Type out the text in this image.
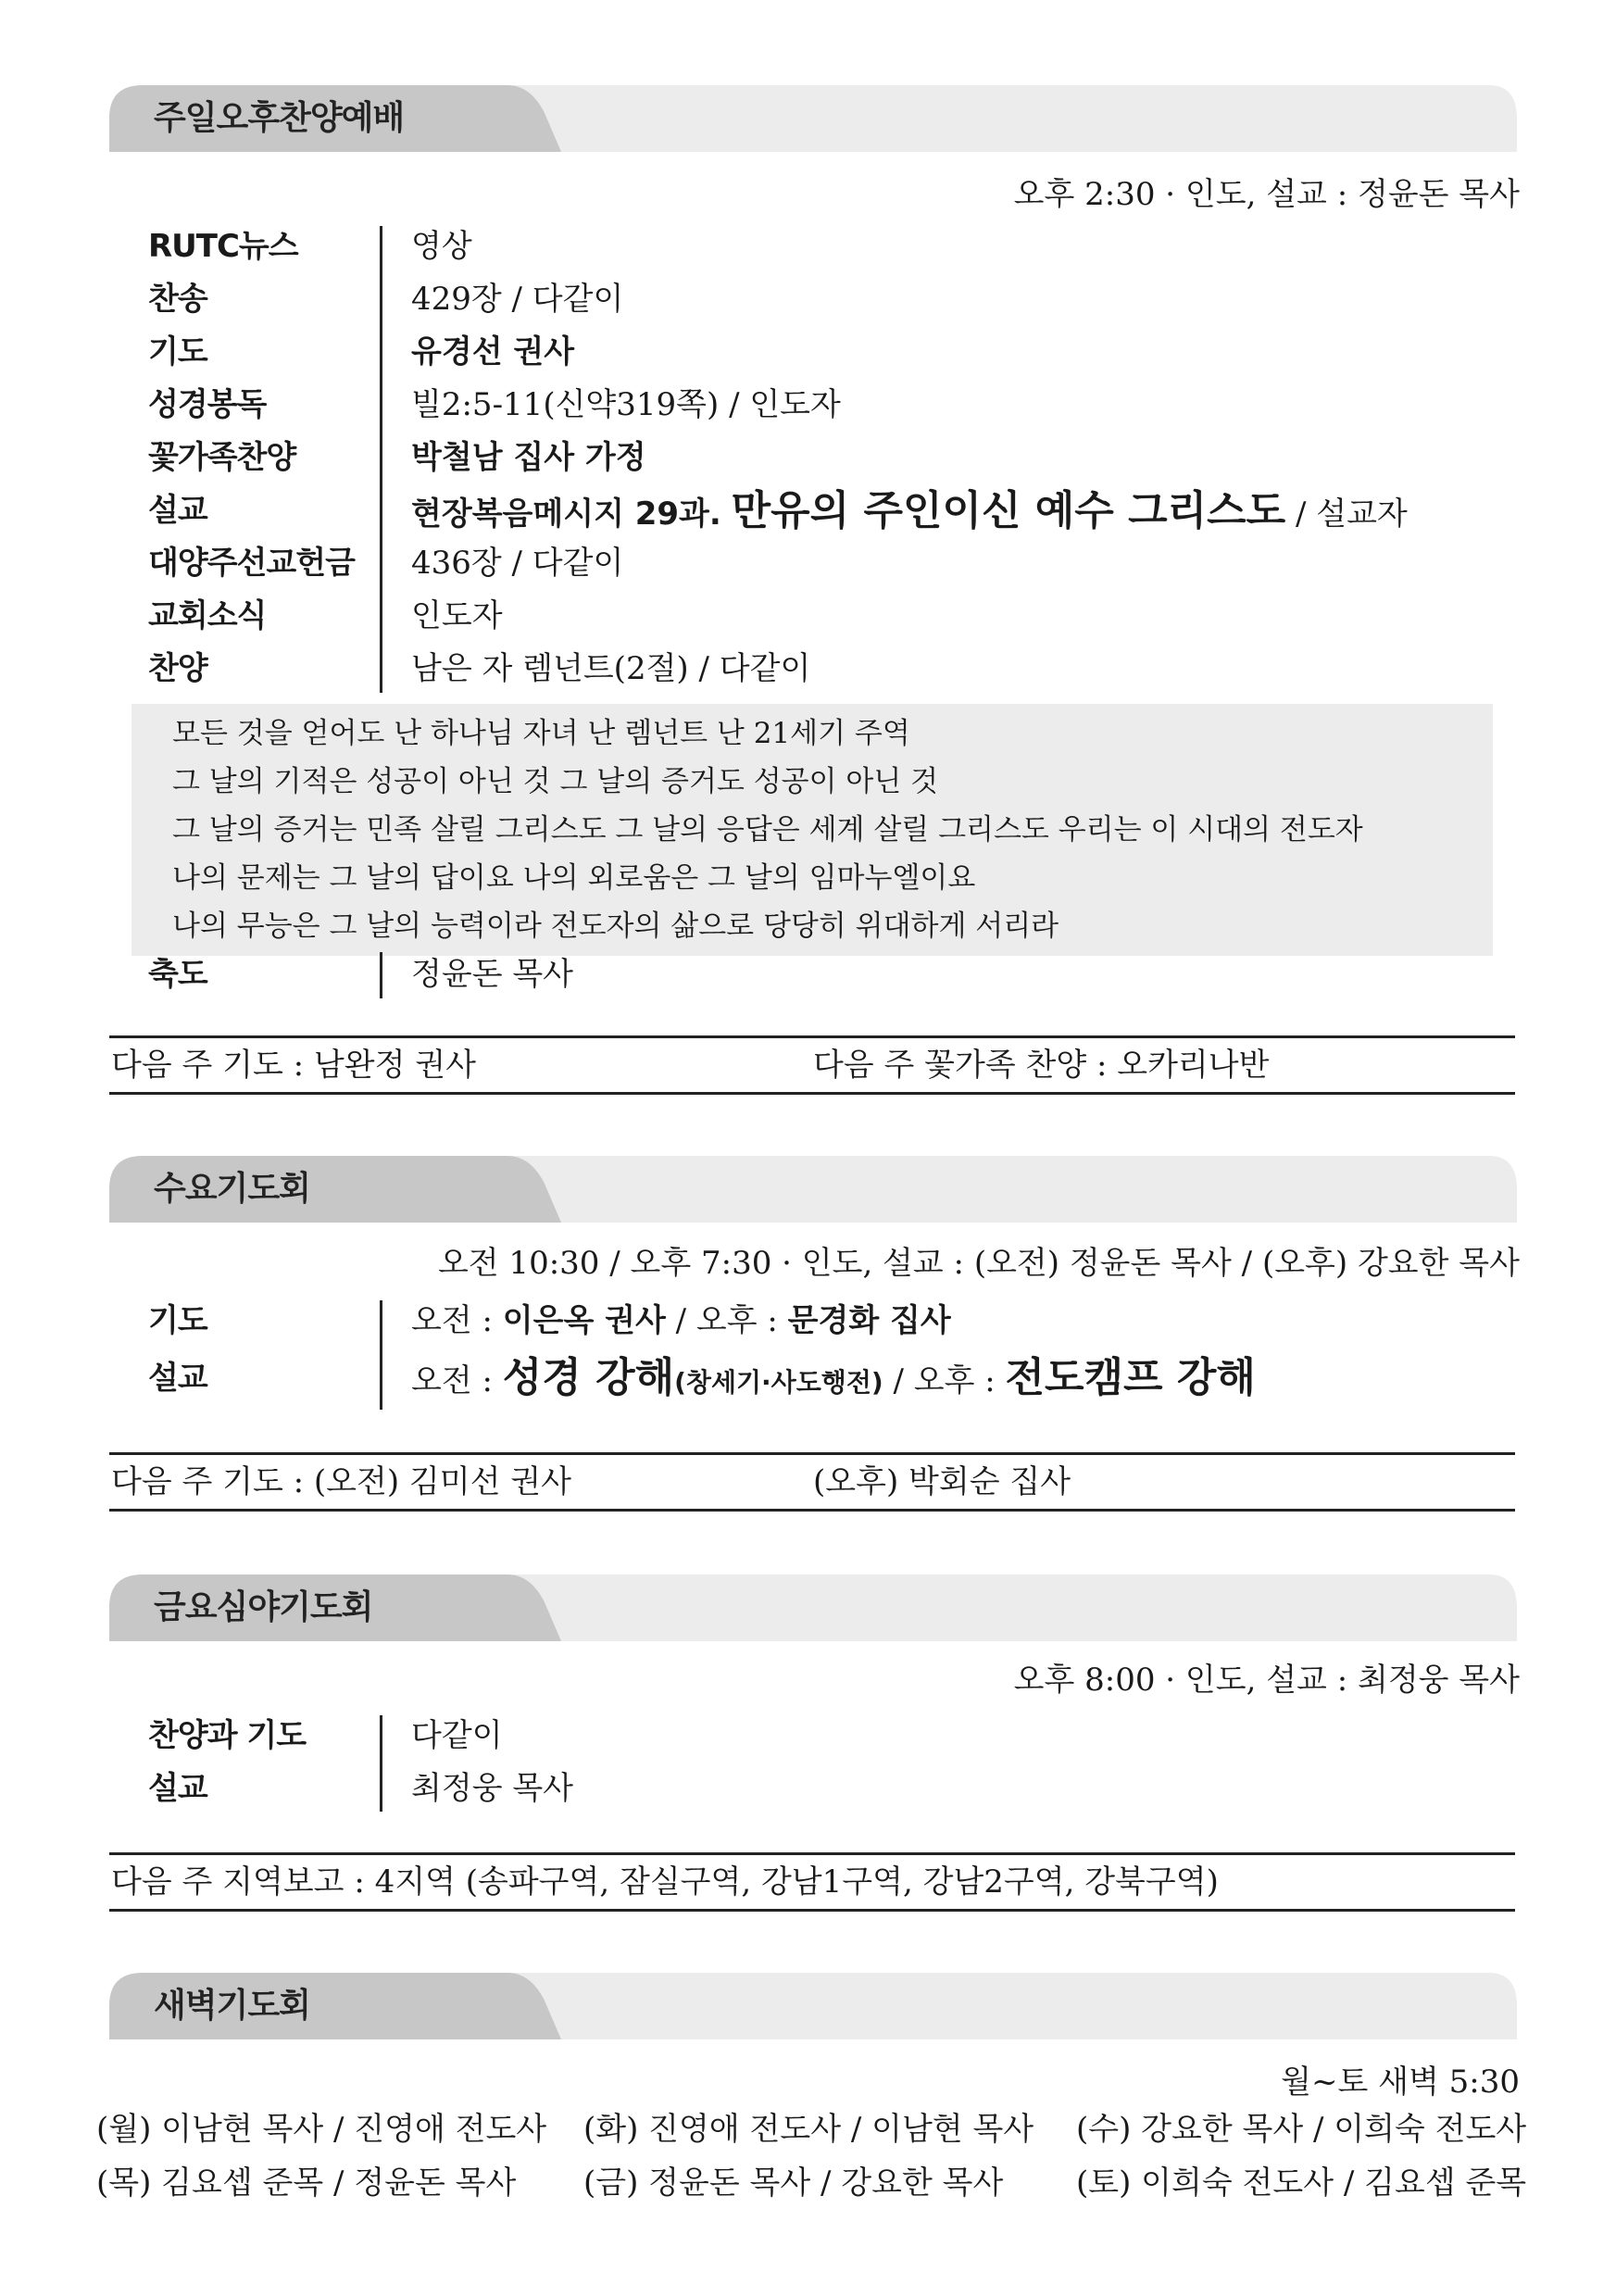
주일오후찬양예배
오후 2:30 · 인도, 설교 : 정윤돈 목사
RUTC뉴스	영상
찬송	429장 / 다같이
기도	유경선 권사
성경봉독	빌2:5-11(신약319쪽) / 인도자
꽃가족찬양	박철남 집사 가정
설교	현장복음메시지 29과. 만유의 주인이신 예수 그리스도 / 설교자
대양주선교헌금	436장 / 다같이
교회소식	인도자
찬양	남은 자 렘넌트(2절) / 다같이
모든 것을 얻어도 난 하나님 자녀 난 렘넌트 난 21세기 주역
그 날의 기적은 성공이 아닌 것 그 날의 증거도 성공이 아닌 것
그 날의 증거는 민족 살릴 그리스도 그 날의 응답은 세계 살릴 그리스도 우리는 이 시대의 전도자
나의 문제는 그 날의 답이요 나의 외로움은 그 날의 임마누엘이요
나의 무능은 그 날의 능력이라 전도자의 삶으로 당당히 위대하게 서리라
축도	정윤돈 목사
다음 주 기도 : 남완정 권사	다음 주 꽃가족 찬양 : 오카리나반
수요기도회
오전 10:30 / 오후 7:30 · 인도, 설교 : (오전) 정윤돈 목사 / (오후) 강요한 목사
기도	오전 : 이은옥 권사 / 오후 : 문경화 집사
설교	오전 : 성경 강해(창세기·사도행전) / 오후 : 전도캠프 강해
다음 주 기도 : (오전) 김미선 권사	(오후) 박회순 집사
금요심야기도회
오후 8:00 · 인도, 설교 : 최정웅 목사
찬양과 기도	다같이
설교	최정웅 목사
다음 주 지역보고 : 4지역 (송파구역, 잠실구역, 강남1구역, 강남2구역, 강북구역)
새벽기도회
월~토 새벽 5:30
(월) 이남현 목사 / 진영애 전도사 (화) 진영애 전도사 / 이남현 목사 (수) 강요한 목사 / 이희숙 전도사
(목) 김요셉 준목 / 정윤돈 목사 (금) 정윤돈 목사 / 강요한 목사 (토) 이희숙 전도사 / 김요셉 준목
